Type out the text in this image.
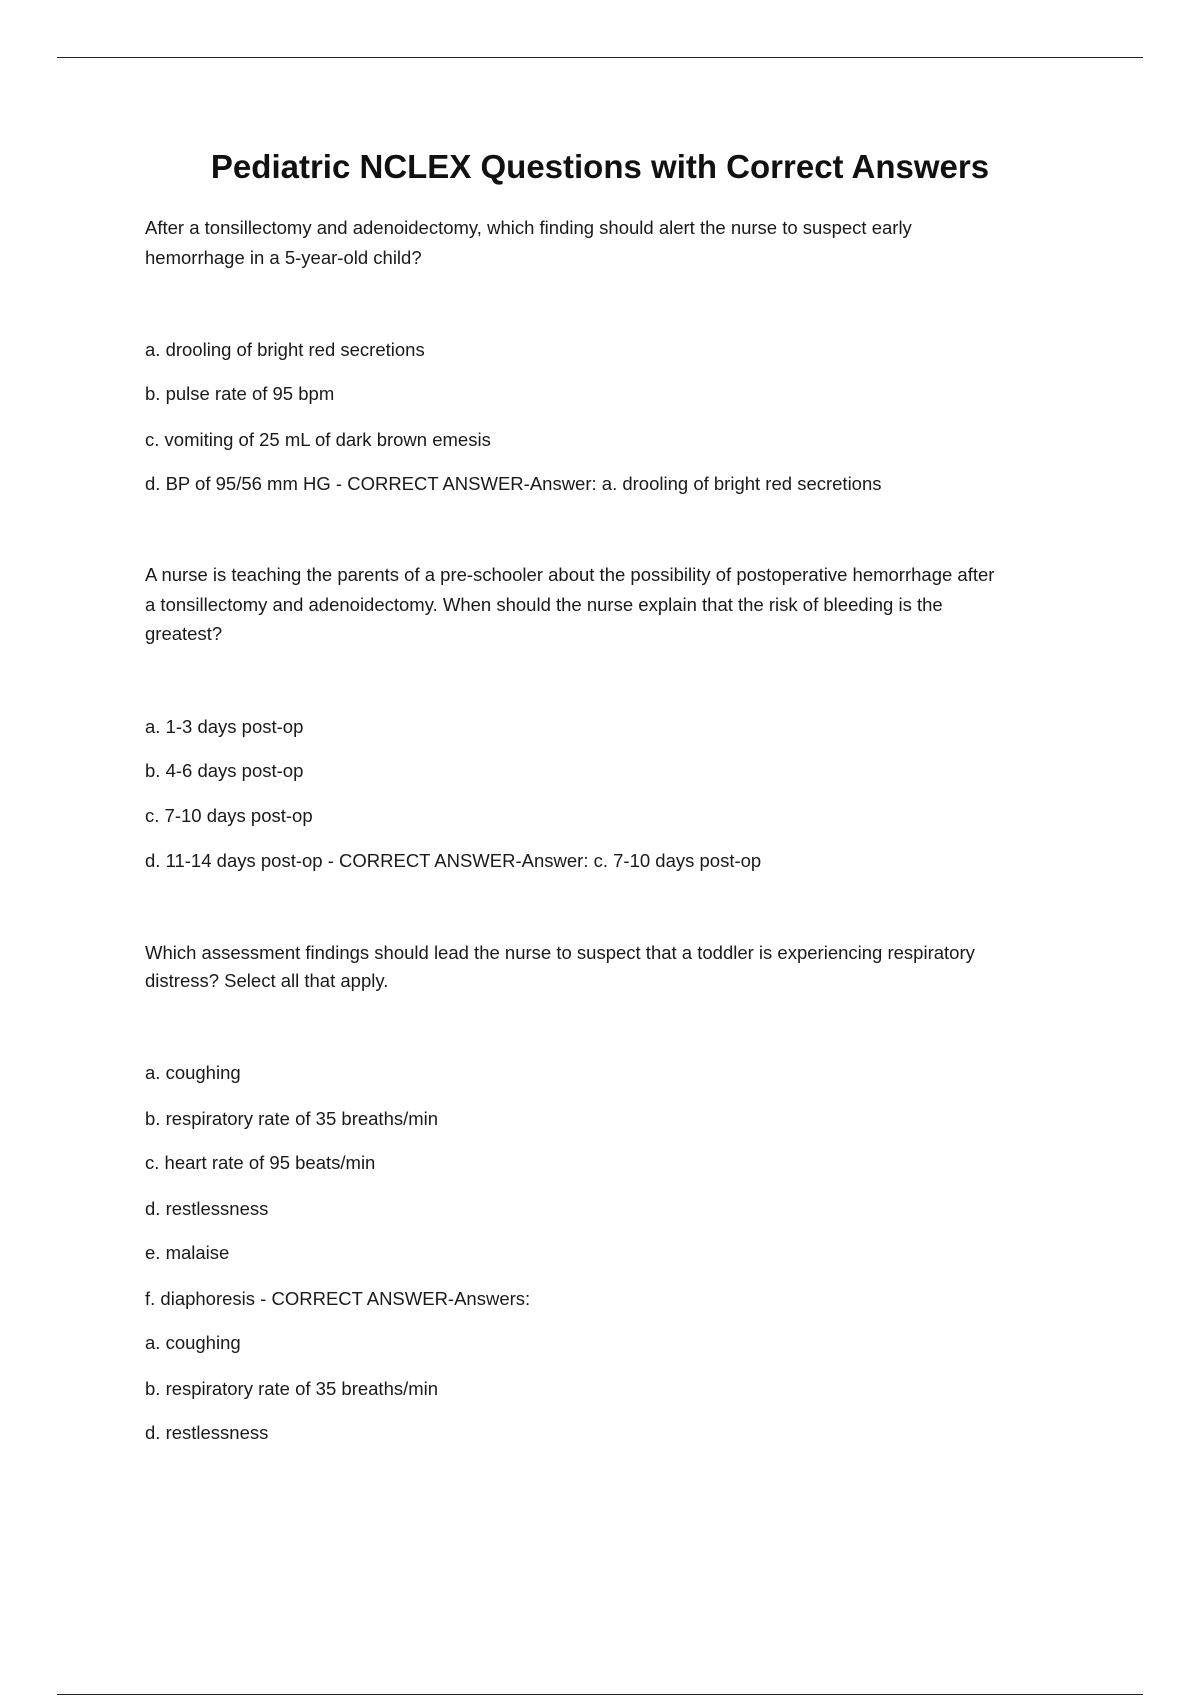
Pediatric NCLEX Questions with Correct Answers

After a tonsillectomy and adenoidectomy, which finding should alert the nurse to suspect early

hemorrhage in a 5-year-old child?

a. drooling of bright red secretions

b. pulse rate of 95 bpm

c. vomiting of 25 mL of dark brown emesis

d. BP of 95/56 mm HG - CORRECT ANSWER-Answer: a. drooling of bright red secretions

A nurse is teaching the parents of a pre-schooler about the possibility of postoperative hemorrhage after

a tonsillectomy and adenoidectomy. When should the nurse explain that the risk of bleeding is the

greatest?

a. 1-3 days post-op

b. 4-6 days post-op

c. 7-10 days post-op

d. 11-14 days post-op - CORRECT ANSWER-Answer: c. 7-10 days post-op

Which assessment findings should lead the nurse to suspect that a toddler is experiencing respiratory

distress? Select all that apply.

a. coughing

b. respiratory rate of 35 breaths/min

c. heart rate of 95 beats/min

d. restlessness

e. malaise

f. diaphoresis - CORRECT ANSWER-Answers:

a. coughing

b. respiratory rate of 35 breaths/min

d. restlessness
